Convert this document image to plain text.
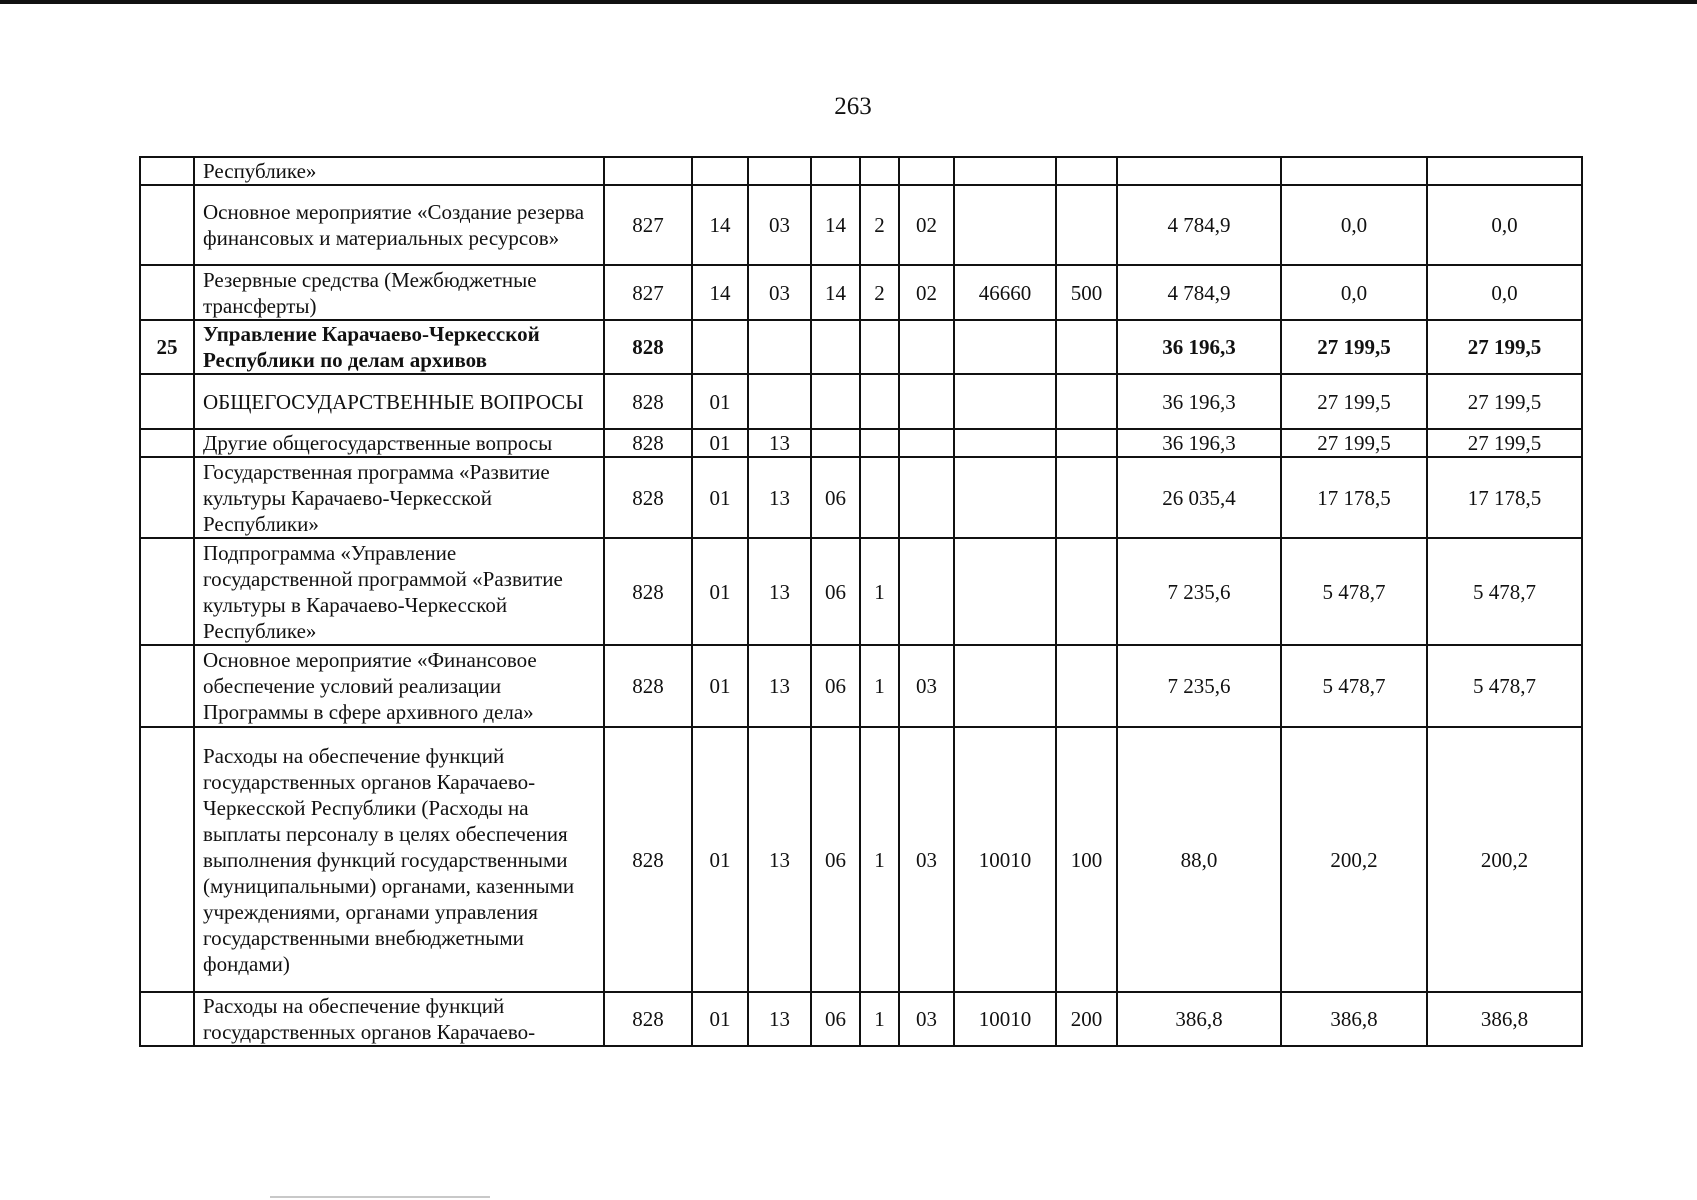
263
	Республике»											
	Основное мероприятие «Создание резерва финансовых и материальных ресурсов»	827	14	03	14	2	02			4 784,9	0,0	0,0
	Резервные средства (Межбюджетные трансферты)	827	14	03	14	2	02	46660	500	4 784,9	0,0	0,0
25	Управление Карачаево-Черкесской Республики по делам архивов	828								36 196,3	27 199,5	27 199,5
	ОБЩЕГОСУДАРСТВЕННЫЕ ВОПРОСЫ	828	01							36 196,3	27 199,5	27 199,5
	Другие общегосударственные вопросы	828	01	13						36 196,3	27 199,5	27 199,5
	Государственная программа «Развитие культуры Карачаево-Черкесской Республики»	828	01	13	06					26 035,4	17 178,5	17 178,5
	Подпрограмма «Управление государственной программой «Развитие культуры в Карачаево-Черкесской Республике»	828	01	13	06	1				7 235,6	5 478,7	5 478,7
	Основное мероприятие «Финансовое обеспечение условий реализации Программы в сфере архивного дела»	828	01	13	06	1	03			7 235,6	5 478,7	5 478,7
	Расходы на обеспечение функций государственных органов Карачаево-Черкесской Республики (Расходы на выплаты персоналу в целях обеспечения выполнения функций государственными (муниципальными) органами, казенными учреждениями, органами управления государственными внебюджетными фондами)	828	01	13	06	1	03	10010	100	88,0	200,2	200,2
	Расходы на обеспечение функций государственных органов Карачаево-	828	01	13	06	1	03	10010	200	386,8	386,8	386,8
